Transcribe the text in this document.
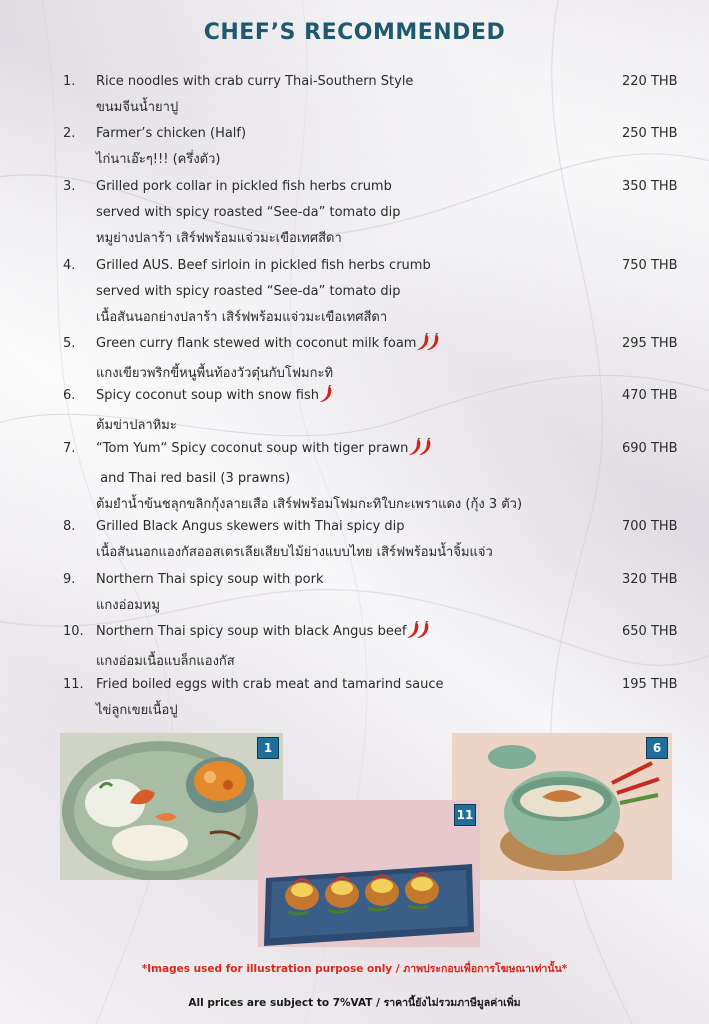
CHEF’S RECOMMENDED
1. Rice noodles with crab curry Thai-Southern Style
ขนมจีนน้ำยาปู
220 THB
2. Farmer’s chicken (Half)
ไก่นาเอ๊ะๆ!!! (ครึ่งตัว)
250 THB
3. Grilled pork collar in pickled fish herbs crumb
served with spicy roasted “See-da” tomato dip
หมูย่างปลาร้า เสิร์ฟพร้อมแจ่วมะเขือเทศสีดา
350 THB
4. Grilled AUS. Beef sirloin in pickled fish herbs crumb
served with spicy roasted “See-da” tomato dip
เนื้อสันนอกย่างปลาร้า เสิร์ฟพร้อมแจ่วมะเขือเทศสีดา
750 THB
5. Green curry flank stewed with coconut milk foam
แกงเขียวพริกขี้หนูพื้นท้องวัวตุ๋นกับโฟมกะทิ
295 THB
6. Spicy coconut soup with snow fish
ต้มข่าปลาหิมะ
470 THB
7. “Tom Yum“ Spicy coconut soup with tiger prawn
and Thai red basil (3 prawns)
ต้มยำน้ำข้นชลุกขลิกกุ้งลายเสือ เสิร์ฟพร้อมโฟมกะทิใบกะเพราแดง (กุ้ง 3 ตัว)
690 THB
8. Grilled Black Angus skewers with Thai spicy dip
เนื้อสันนอกแองกัสออสเตรเลียเสียบไม้ย่างแบบไทย เสิร์ฟพร้อมน้ำจิ้มแจ่ว
700 THB
9. Northern Thai spicy soup with pork
แกงอ่อมหมู
320 THB
10. Northern Thai spicy soup with black Angus beef
แกงอ่อมเนื้อแบล็กแองกัส
650 THB
11. Fried boiled eggs with crab meat and tamarind sauce
ไข่ลูกเขยเนื้อปู
195 THB
1	6
11
*Images used for illustration purpose only / ภาพประกอบเพื่อการโฆษณาเท่านั้น*
All prices are subject to 7%VAT / ราคานี้ยังไม่รวมภาษีมูลค่าเพิ่ม
